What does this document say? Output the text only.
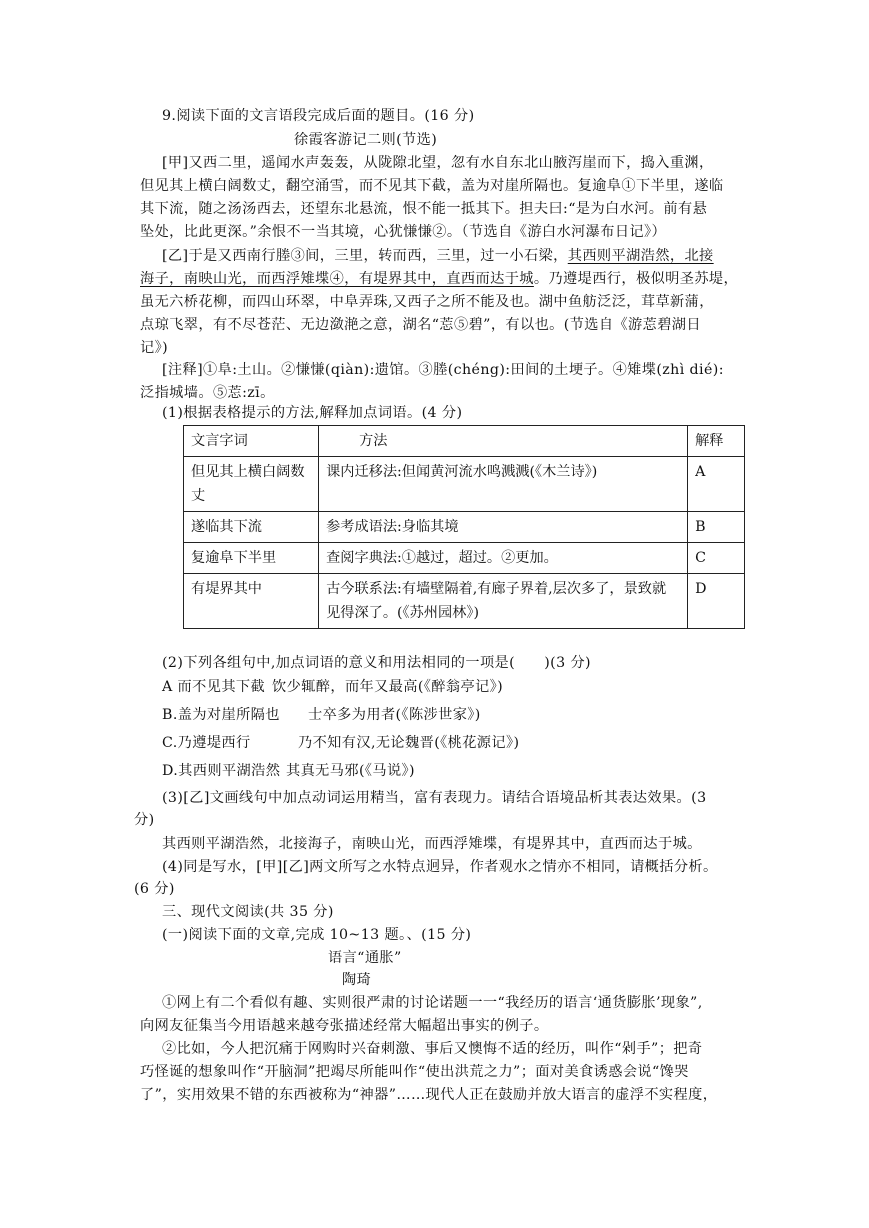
9.阅读下面的文言语段完成后面的题目。(16 分)
徐霞客游记二则(节选)
[甲]又西二里，遥闻水声轰轰，从陇隙北望，忽有水自东北山腋泻崖而下，捣入重渊，
但见其上横白阔数丈，翻空涌雪，而不见其下截，盖为对崖所隔也。复逾阜①下半里，遂临
其下流，随之汤汤西去，还望东北悬流，恨不能一抵其下。担夫曰:“是为白水河。前有悬
坠处，比此更深。”余恨不一当其境，心犹慊慊②。（节选自《游白水河瀑布日记》）
[乙]于是又西南行塍③间，三里，转而西，三里，过一小石梁，其西则平湖浩然，北接
海子，南映山光，而西浮雉堞④，有堤界其中，直西而达于城。乃遵堤西行，极似明圣苏堤，
虽无六桥花柳，而四山环翠，中阜弄珠,又西子之所不能及也。湖中鱼舫泛泛，茸草新蒲，
点琼飞翠，有不尽苍茫、无边潋滟之意，湖名“莣⑤碧”，有以也。(节选自《游莣碧湖日
记》)
[注释]①阜:土山。②慊慊(qiàn):遗馆。③塍(chéng):田间的土埂子。④雉堞(zhì dié):
泛指城墙。⑤莣:zī。
(1)根据表格提示的方法,解释加点词语。(4 分)
文言字词	方法	解释
但见其上横白阔数丈	课内迁移法:但闻黄河流水鸣溅溅(《木兰诗》)	A
遂临其下流	参考成语法:身临其境	B
复逾阜下半里	查阅字典法:①越过，超过。②更加。	C
有堤界其中	古今联系法:有墙壁隔着,有廊子界着,层次多了，景致就见得深了。(《苏州园林》)	D
(2)下列各组句中,加点词语的意义和用法相同的一项是(　　)(3 分)
A 而不见其下截 饮少辄醉，而年又最高(《醉翁亭记》)
B.盖为对崖所隔也 士卒多为用者(《陈涉世家》)
C.乃遵堤西行	乃不知有汉,无论魏晋(《桃花源记》)
D.其西则平湖浩然 其真无马邪(《马说》)
(3)[乙]文画线句中加点动词运用精当，富有表现力。请结合语境品析其表达效果。(3
分)
其西则平湖浩然，北接海子，南映山光，而西浮雉堞，有堤界其中，直西而达于城。
(4)同是写水，[甲][乙]两文所写之水特点迥异，作者观水之情亦不相同，请概括分析。
(6 分)
三、现代文阅读(共 35 分)
(一)阅读下面的文章,完成 10~13 题。、(15 分)
语言“通胀”
陶琦
①网上有二个看似有趣、实则很严肃的讨论诺题一一“我经历的语言‘通货膨胀’现象”,
向网友征集当今用语越来越夸张描述经常大幅超出事实的例子。
②比如，今人把沉痛于网购时兴奋刺激、事后又懊悔不适的经历，叫作“剁手”；把奇
巧怪诞的想象叫作“开脑洞”把竭尽所能叫作“使出洪荒之力”；面对美食诱惑会说“馋哭
了”，实用效果不错的东西被称为“神器”……现代人正在鼓励并放大语言的虚浮不实程度，
